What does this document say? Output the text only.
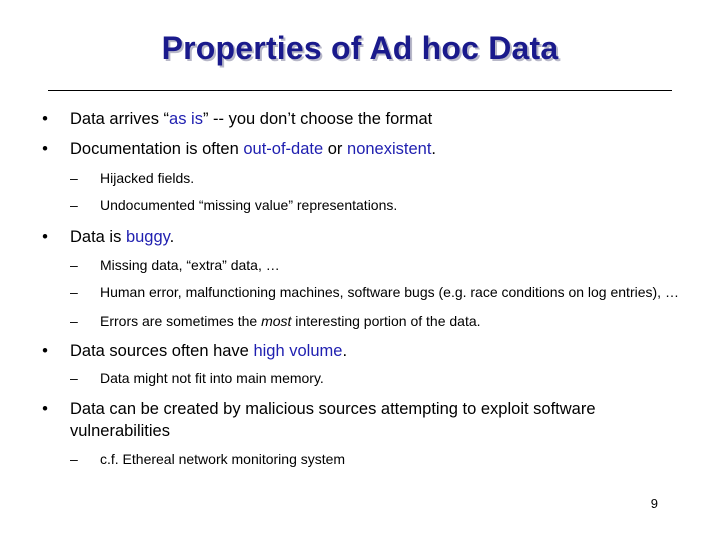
Properties of Ad hoc Data
•	Data arrives “as is” -- you don’t choose the format
•	Documentation is often out-of-date or nonexistent.
– Hijacked fields.
– Undocumented “missing value” representations.
•	Data is buggy.
– Missing data, “extra” data, …
– Human error, malfunctioning machines, software bugs (e.g. race conditions on log entries), …
– Errors are sometimes the most interesting portion of the data.
•	Data sources often have high volume.
– Data might not fit into main memory.
•	Data can be created by malicious sources attempting to exploit software vulnerabilities
– c.f. Ethereal network monitoring system
9
